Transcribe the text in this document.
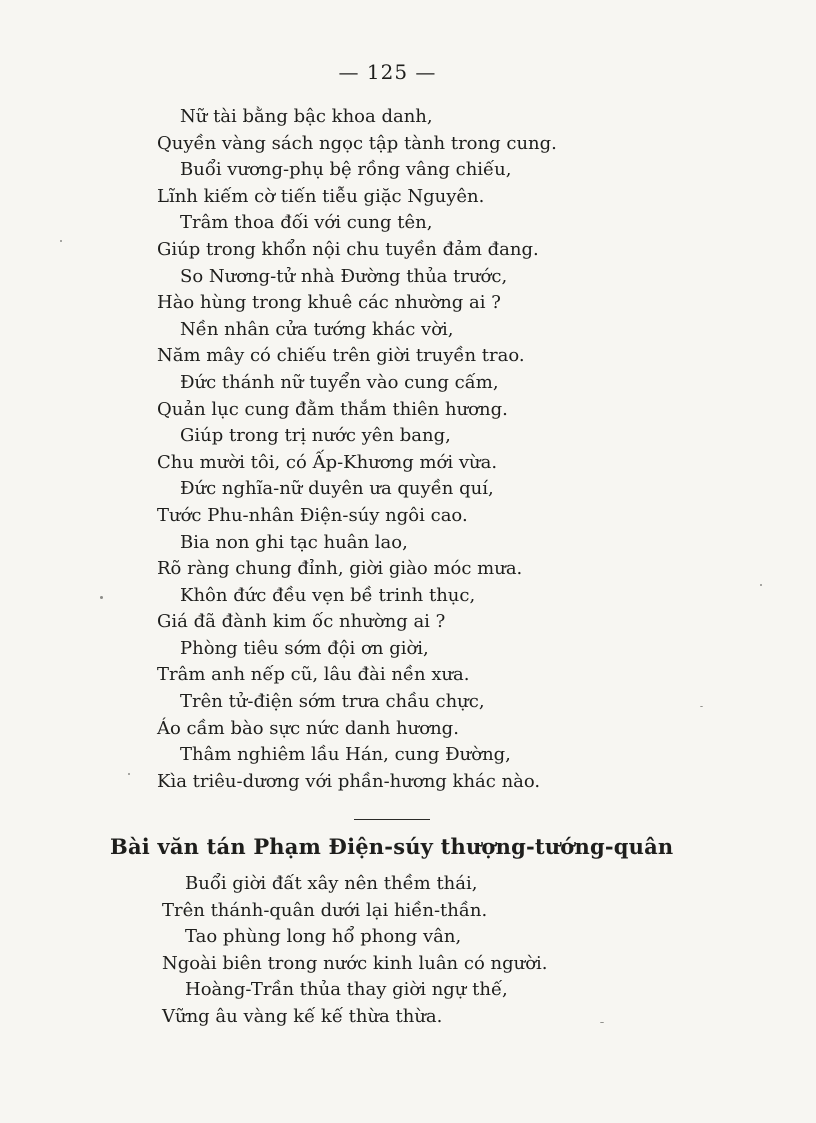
— 125 —
Nữ tài bằng bậc khoa danh,
Quyền vàng sách ngọc tập tành trong cung.
Buổi vương-phụ bệ rồng vâng chiếu,
Lĩnh kiếm cờ tiến tiễu giặc Nguyên.
Trâm thoa đối với cung tên,
Giúp trong khổn nội chu tuyền đảm đang.
So Nương-tử nhà Đường thủa trước,
Hào hùng trong khuê các nhường ai ?
Nền nhân cửa tướng khác vời,
Năm mây có chiếu trên giời truyền trao.
Đức thánh nữ tuyển vào cung cấm,
Quản lục cung đằm thắm thiên hương.
Giúp trong trị nước yên bang,
Chu mười tôi, có Ấp-Khương mới vừa.
Đức nghĩa-nữ duyên ưa quyền quí,
Tước Phu-nhân Điện-súy ngôi cao.
Bia non ghi tạc huân lao,
Rõ ràng chung đỉnh, giời giào móc mưa.
Khôn đức đều vẹn bề trinh thục,
Giá đã đành kim ốc nhường ai ?
Phòng tiêu sớm đội ơn giời,
Trâm anh nếp cũ, lâu đài nền xưa.
Trên tử-điện sớm trưa chầu chực,
Áo cầm bào sực nức danh hương.
Thâm nghiêm lầu Hán, cung Đường,
Kìa triêu-dương với phần-hương khác nào.
Bài văn tán Phạm Điện-súy thượng-tướng-quân
Buổi giời đất xây nên thềm thái,
Trên thánh-quân dưới lại hiền-thần.
Tao phùng long hổ phong vân,
Ngoài biên trong nước kinh luân có người.
Hoàng-Trần thủa thay giời ngự thế,
Vững âu vàng kế kế thừa thừa.
